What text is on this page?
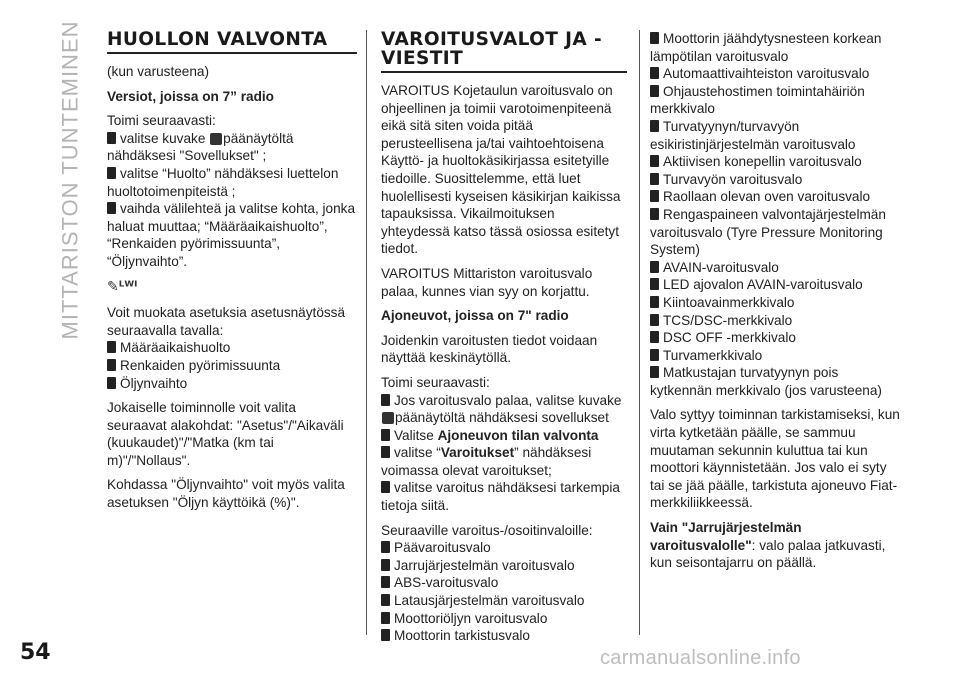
MITTARISTON TUNTEMINEN HUOLLON VALVONTA

(kun varusteena)

Versiot, joissa on 7” radio

Toimi seuraavasti:

valitse kuvake päänäytöltä nähdäksesi "Sovellukset" ;

valitse “Huolto” nähdäksesi luettelon huoltotoimenpiteistä ;

vaihda välilehteä ja valitse kohta, jonka haluat muuttaa; “Määräaikaishuolto”, “Renkaiden pyörimissuunta”, “Öljynvaihto”.

✎ᴸᵂᴵ

Voit muokata asetuksia asetusnäytössä seuraavalla tavalla:

Määräaikaishuolto

Renkaiden pyörimissuunta

Öljynvaihto

Jokaiselle toiminnolle voit valita seuraavat alakohdat: "Asetus"/"Aikaväli (kuukaudet)"/"Matka (km tai m)"/"Nollaus".

Kohdassa "Öljynvaihto" voit myös valita asetuksen "Öljyn käyttöikä (%)".

VAROITUSVALOT JA -VIESTIT

VAROITUS Kojetaulun varoitusvalo on ohjeellinen ja toimii varotoimenpiteenä eikä sitä siten voida pitää perusteellisena ja/tai vaihtoehtoisena Käyttö- ja huoltokäsikirjassa esitetyille tiedoille. Suosittelemme, että luet huolellisesti kyseisen käsikirjan kaikissa tapauksissa. Vikailmoituksen yhteydessä katso tässä osiossa esitetyt tiedot.

VAROITUS Mittariston varoitusvalo palaa, kunnes vian syy on korjattu.

Ajoneuvot, joissa on 7" radio

Joidenkin varoitusten tiedot voidaan näyttää keskinäytöllä.

Toimi seuraavasti:

Jos varoitusvalo palaa, valitse kuvake päänäytöltä nähdäksesi sovellukset

Valitse Ajoneuvon tilan valvonta

valitse “Varoitukset” nähdäksesi voimassa olevat varoitukset;

valitse varoitus nähdäksesi tarkempia tietoja siitä.

Seuraaville varoitus-/osoitinvaloille:

Päävaroitusvalo

Jarrujärjestelmän varoitusvalo

ABS-varoitusvalo

Latausjärjestelmän varoitusvalo

Moottoriöljyn varoitusvalo

Moottorin tarkistusvalo

Moottorin jäähdytysnesteen korkean lämpötilan varoitusvalo

Automaattivaihteiston varoitusvalo

Ohjaustehostimen toimintahäiriön merkkivalo

Turvatyynyn/turvavyön esikiristinjärjestelmän varoitusvalo

Aktiivisen konepellin varoitusvalo

Turvavyön varoitusvalo

Raollaan olevan oven varoitusvalo

Rengaspaineen valvontajärjestelmän varoitusvalo (Tyre Pressure Monitoring System)

AVAIN-varoitusvalo

LED ajovalon AVAIN-varoitusvalo

Kiintoavainmerkkivalo

TCS/DSC-merkkivalo

DSC OFF -merkkivalo

Turvamerkkivalo

Matkustajan turvatyynyn pois kytkennän merkkivalo (jos varusteena)

Valo syttyy toiminnan tarkistamiseksi, kun virta kytketään päälle, se sammuu muutaman sekunnin kuluttua tai kun moottori käynnistetään. Jos valo ei syty tai se jää päälle, tarkistuta ajoneuvo Fiat-merkkiliikkeessä.

Vain "Jarrujärjestelmän varoitusvalolle": valo palaa jatkuvasti, kun seisontajarru on päällä.

54	carmanualsonline.info
